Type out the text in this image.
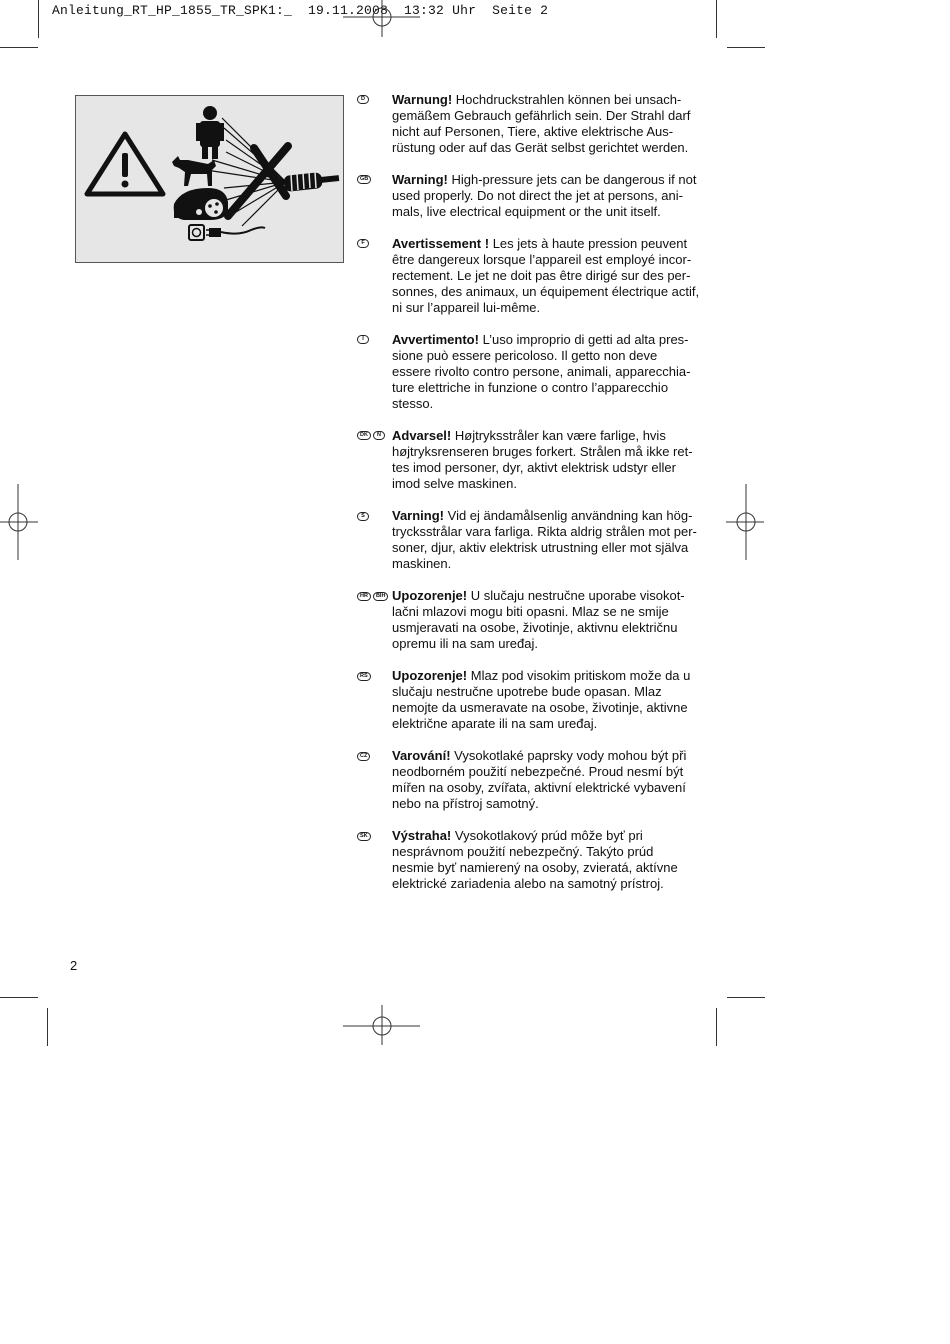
Anleitung_RT_HP_1855_TR_SPK1:_  19.11.2008  13:32 Uhr  Seite 2
D	Warnung! Hochdruckstrahlen können bei unsach-

gemäßem Gebrauch gefährlich sein. Der Strahl darf

nicht auf Personen, Tiere, aktive elektrische Aus-

rüstung oder auf das Gerät selbst gerichtet werden.

GB Warning! High-pressure jets can be dangerous if not

used properly. Do not direct the jet at persons, ani-

mals, live electrical equipment or the unit itself.

F	Avertissement ! Les jets à haute pression peuvent

être dangereux lorsque l’appareil est employé incor-

rectement. Le jet ne doit pas être dirigé sur des per-

sonnes, des animaux, un équipement électrique actif,

ni sur l’appareil lui-même.

I	Avvertimento! L’uso improprio di getti ad alta pres-

sione può essere pericoloso. Il getto non deve

essere rivolto contro persone, animali, apparecchia-

ture elettriche in funzione o contro l’apparecchio

stesso.

DK	N Advarsel! Højtryksstråler kan være farlige, hvis

højtryksrenseren bruges forkert. Strålen må ikke ret-

tes imod personer, dyr, aktivt elektrisk udstyr eller

imod selve maskinen.

S	Varning! Vid ej ändamålsenlig användning kan hög-

trycksstrålar vara farliga. Rikta aldrig strålen mot per-

soner, djur, aktiv elektrisk utrustning eller mot själva

maskinen.

HR	BIH Upozorenje! U slučaju nestručne uporabe visokot-

lačni mlazovi mogu biti opasni. Mlaz se ne smije

usmjeravati na osobe, životinje, aktivnu električnu

opremu ili na sam uređaj.

RS Upozorenje! Mlaz pod visokim pritiskom može da u

slučaju nestručne upotrebe bude opasan. Mlaz

nemojte da usmeravate na osobe, životinje, aktivne

električne aparate ili na sam uređaj.

CZ Varování! Vysokotlaké paprsky vody mohou být při

neodborném použití nebezpečné. Proud nesmí být

mířen na osoby, zvířata, aktivní elektrické vybavení

nebo na přístroj samotný.

SK Výstraha! Vysokotlakový prúd môže byť pri

nesprávnom použití nebezpečný. Takýto prúd

nesmie byť namierený na osoby, zvieratá, aktívne

elektrické zariadenia alebo na samotný prístroj.

2
